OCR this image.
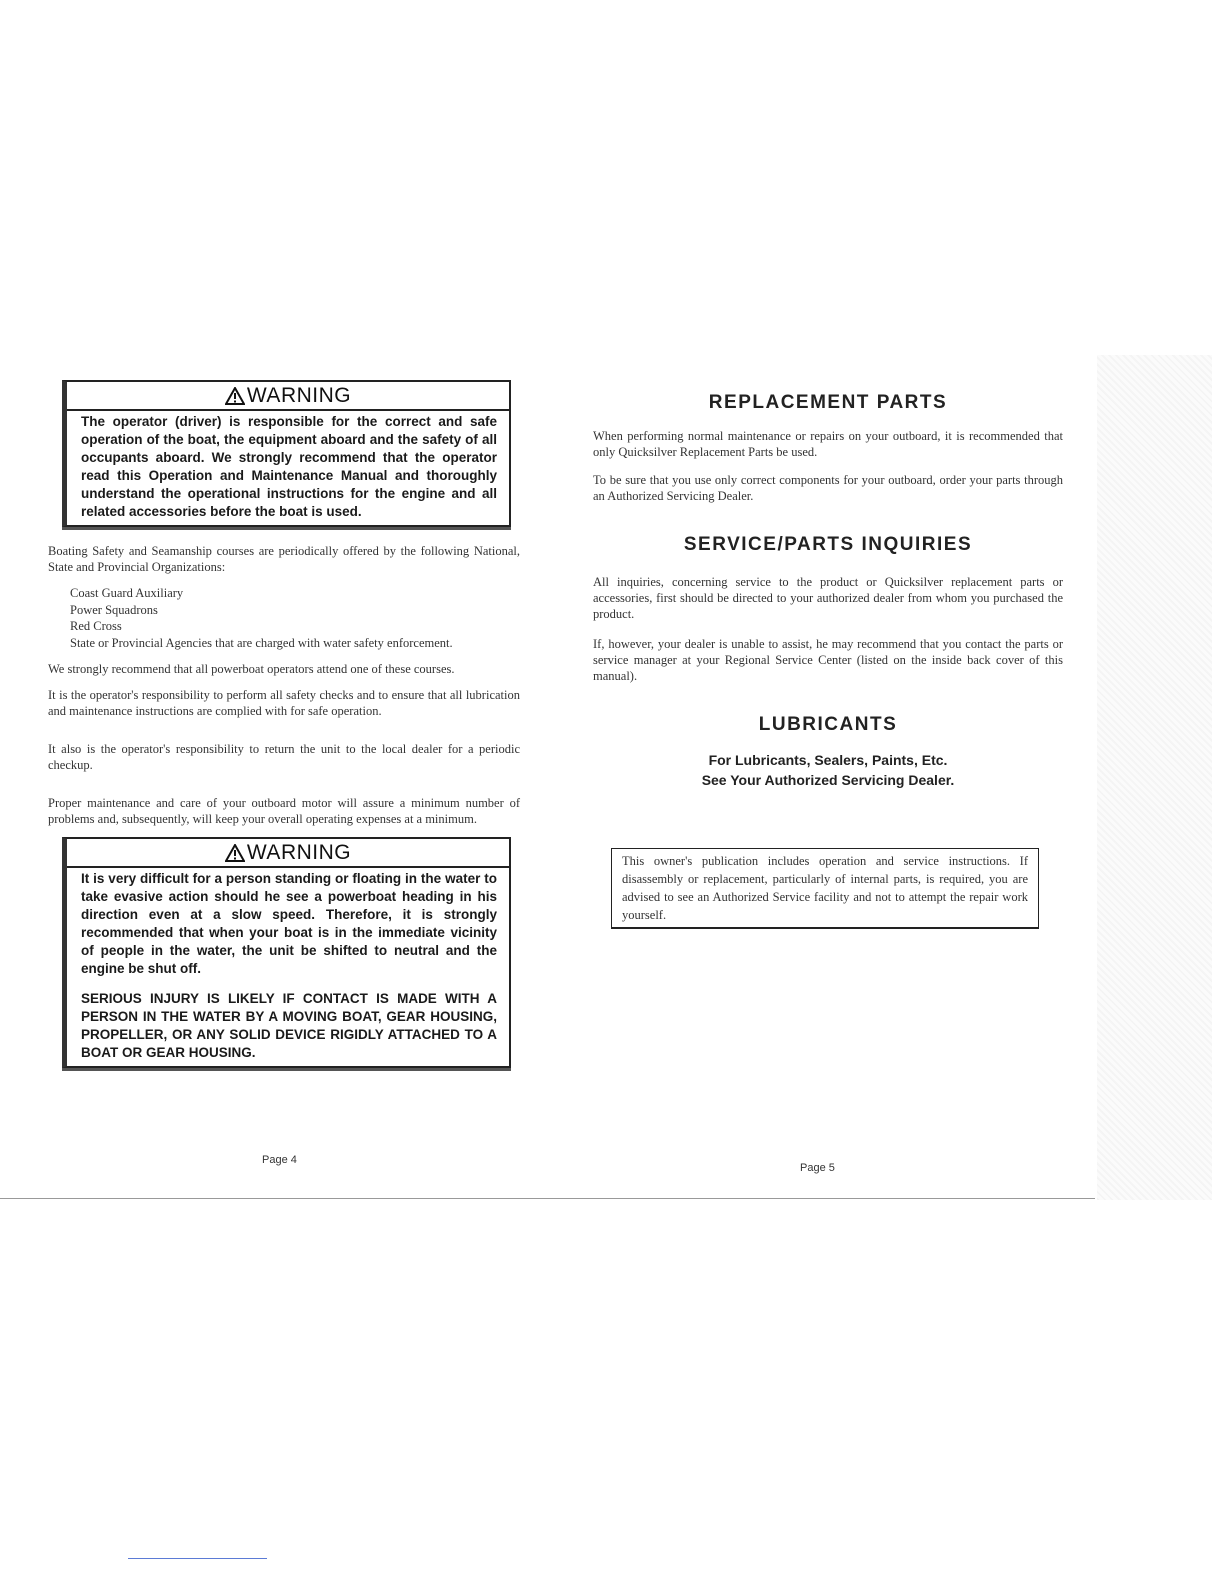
WARNING

The operator (driver) is responsible for the correct and safe operation of the boat, the equipment aboard and the safety of all occupants aboard. We strongly recommend that the operator read this Operation and Maintenance Manual and thoroughly understand the operational instructions for the engine and all related accessories before the boat is used.

Boating Safety and Seamanship courses are periodically offered by the following National, State and Provincial Organizations:

Coast Guard Auxiliary
Power Squadrons
Red Cross
State or Provincial Agencies that are charged with water safety enforcement.

We strongly recommend that all powerboat operators attend one of these courses.

It is the operator's responsibility to perform all safety checks and to ensure that all lubrication and maintenance instructions are complied with for safe operation.

It also is the operator's responsibility to return the unit to the local dealer for a periodic checkup.

Proper maintenance and care of your outboard motor will assure a minimum number of problems and, subsequently, will keep your overall operating expenses at a minimum.

WARNING

It is very difficult for a person standing or floating in the water to take evasive action should he see a powerboat heading in his direction even at a slow speed. Therefore, it is strongly recommended that when your boat is in the immediate vicinity of people in the water, the unit be shifted to neutral and the engine be shut off.

SERIOUS INJURY IS LIKELY IF CONTACT IS MADE WITH A PERSON IN THE WATER BY A MOVING BOAT, GEAR HOUSING, PROPELLER, OR ANY SOLID DEVICE RIGIDLY ATTACHED TO A BOAT OR GEAR HOUSING.

Page 4
REPLACEMENT PARTS

When performing normal maintenance or repairs on your outboard, it is recommended that only Quicksilver Replacement Parts be used.

To be sure that you use only correct components for your outboard, order your parts through an Authorized Servicing Dealer.

SERVICE/PARTS INQUIRIES

All inquiries, concerning service to the product or Quicksilver replacement parts or accessories, first should be directed to your authorized dealer from whom you purchased the product.

If, however, your dealer is unable to assist, he may recommend that you contact the parts or service manager at your Regional Service Center (listed on the inside back cover of this manual).

LUBRICANTS

For Lubricants, Sealers, Paints, Etc.
See Your Authorized Servicing Dealer.

This owner's publication includes operation and service instructions. If disassembly or replacement, particularly of internal parts, is required, you are advised to see an Authorized Service facility and not to attempt the repair work yourself.
Page 5
